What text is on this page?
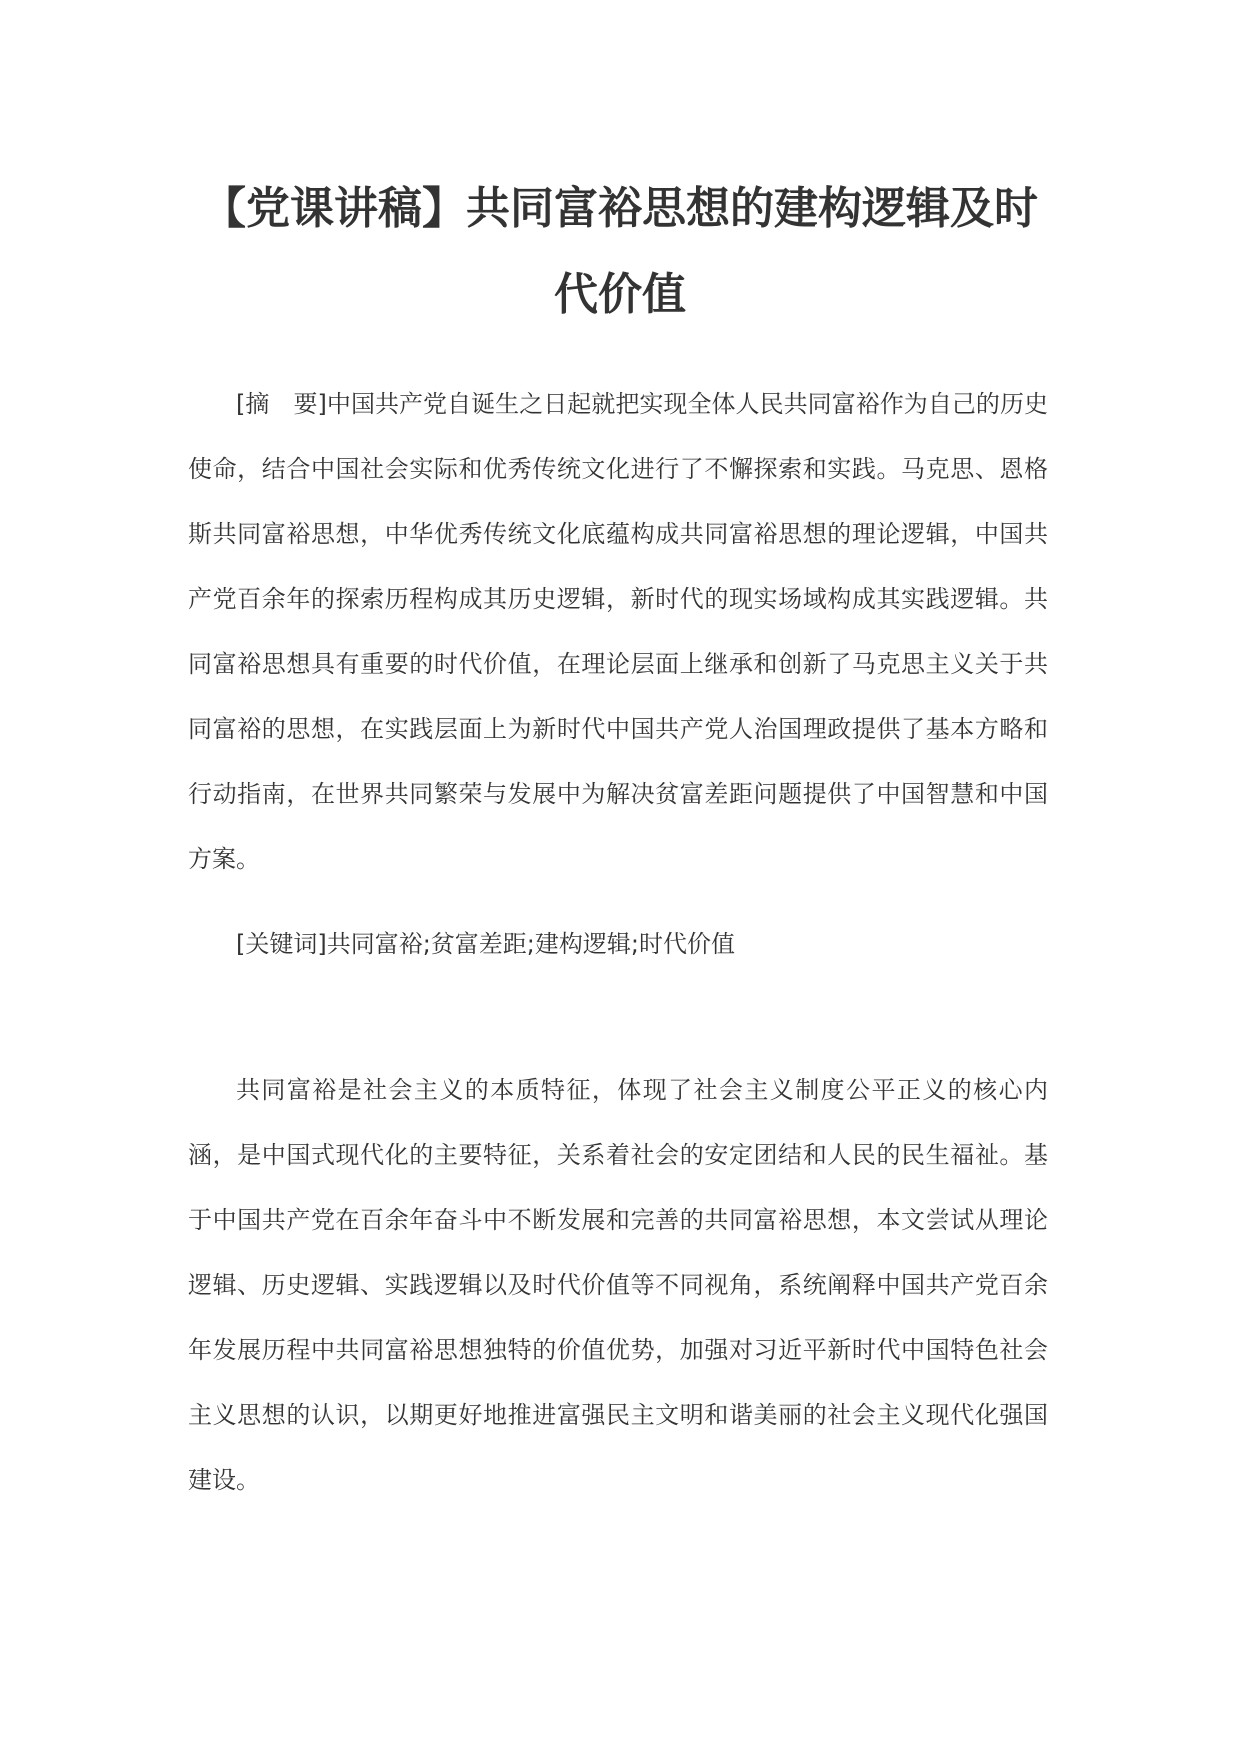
【党课讲稿】共同富裕思想的建构逻辑及时代价值

[摘　要]中国共产党自诞生之日起就把实现全体人民共同富裕作为自己的历史使命，结合中国社会实际和优秀传统文化进行了不懈探索和实践。马克思、恩格斯共同富裕思想，中华优秀传统文化底蕴构成共同富裕思想的理论逻辑，中国共产党百余年的探索历程构成其历史逻辑，新时代的现实场域构成其实践逻辑。共同富裕思想具有重要的时代价值，在理论层面上继承和创新了马克思主义关于共同富裕的思想，在实践层面上为新时代中国共产党人治国理政提供了基本方略和行动指南，在世界共同繁荣与发展中为解决贫富差距问题提供了中国智慧和中国方案。

[关键词]共同富裕;贫富差距;建构逻辑;时代价值

共同富裕是社会主义的本质特征，体现了社会主义制度公平正义的核心内涵，是中国式现代化的主要特征，关系着社会的安定团结和人民的民生福祉。基于中国共产党在百余年奋斗中不断发展和完善的共同富裕思想，本文尝试从理论逻辑、历史逻辑、实践逻辑以及时代价值等不同视角，系统阐释中国共产党百余年发展历程中共同富裕思想独特的价值优势，加强对习近平新时代中国特色社会主义思想的认识，以期更好地推进富强民主文明和谐美丽的社会主义现代化强国建设。
